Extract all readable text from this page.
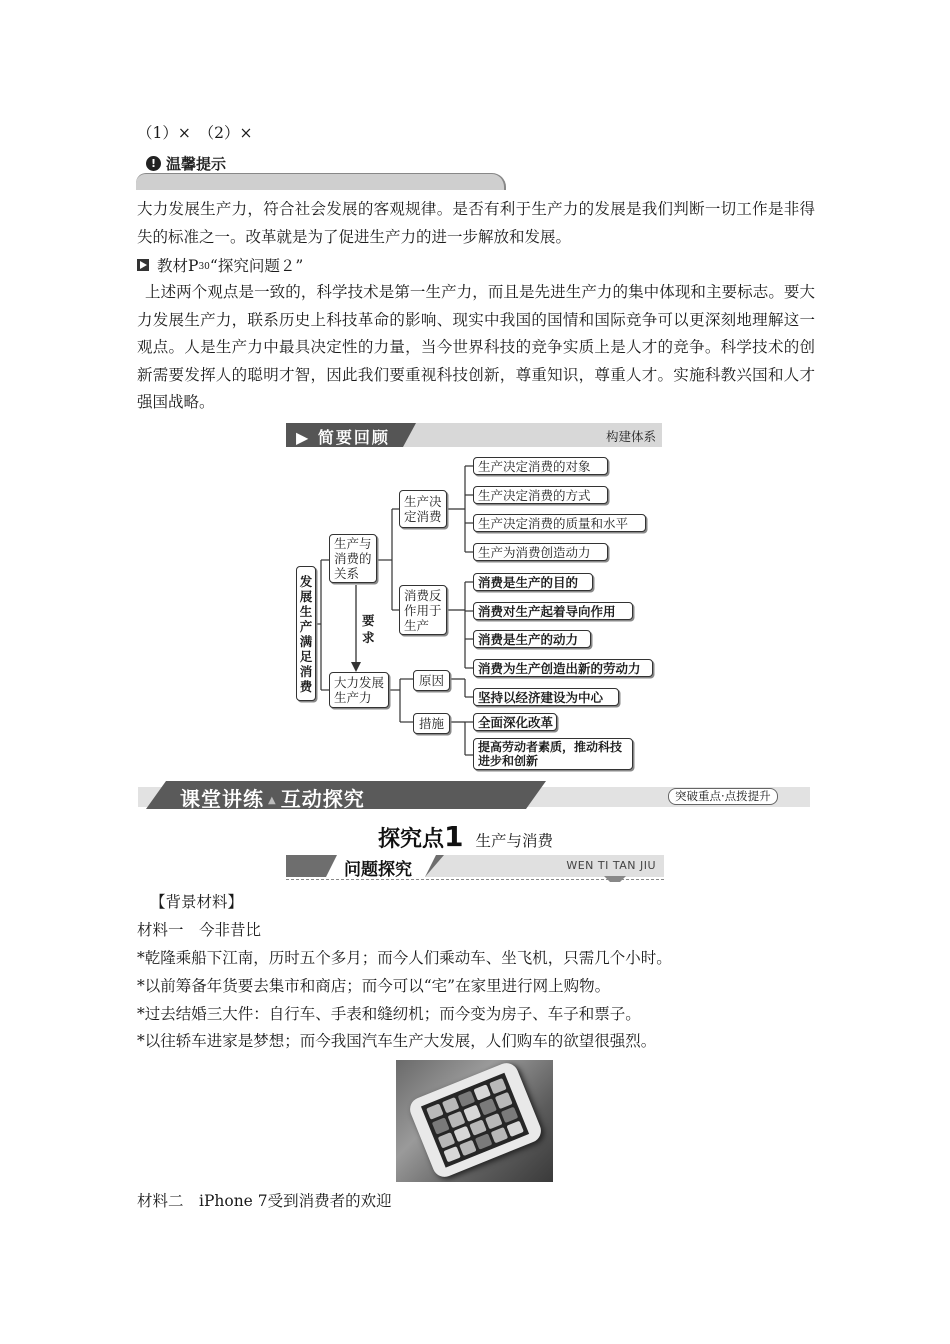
（1）×　（2）×
! 温馨提示
大力发展生产力，符合社会发展的客观规律。是否有利于生产力的发展是我们判断一切工作是非得失的标准之一。改革就是为了促进生产力的进一步解放和发展。
教材$P_{30}$ “探究问题２”
上述两个观点是一致的，科学技术是第一生产力，而且是先进生产力的集中体现和主要标志。要大力发展生产力，联系历史上科技革命的影响、现实中我国的国情和国际竞争可以更深刻地理解这一观点。人是生产力中最具决定性的力量，当今世界科技的竞争实质上是人才的竞争。科学技术的创新需要发挥人的聪明才智，因此我们要重视科技创新，尊重知识，尊重人才。实施科教兴国和人才强国战略。
▶ 简要回顾	构建体系
发展生产满足消费
生产与消费的关系
要求
大力发展生产力
生产决定消费
消费反作用于生产
原因
措施
生产决定消费的对象
生产决定消费的方式
生产决定消费的质量和水平
生产为消费创造动力
消费是生产的目的
消费对生产起着导向作用
消费是生产的动力
消费为生产创造出新的劳动力
坚持以经济建设为中心
全面深化改革
提高劳动者素质，推动科技进步和创新
课堂讲练 ▲ 互动探究	突破重点·点拨提升
探究点 1 生产与消费
问题探究	WEN TI TAN JIU
【背景材料】
材料一　今非昔比
*乾隆乘船下江南，历时五个多月；而今人们乘动车、坐飞机，只需几个小时。
*以前筹备年货要去集市和商店；而今可以“宅”在家里进行网上购物。
*过去结婚三大件：自行车、手表和缝纫机；而今变为房子、车子和票子。
*以往轿车进家是梦想；而今我国汽车生产大发展，人们购车的欲望很强烈。
材料二　iPhone 7受到消费者的欢迎
